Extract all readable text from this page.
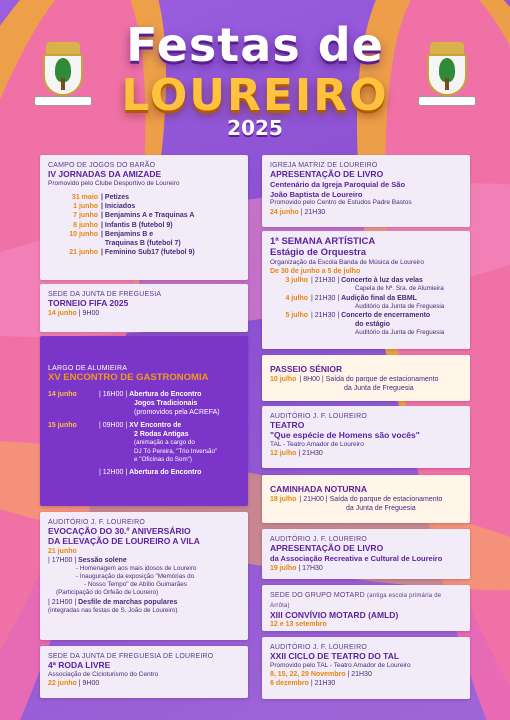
Festas de
LOUREIRO
2025
CAMPO DE JOGOS DO BARÃO
IV JORNADAS DA AMIZADE
Promovido pelo Clube Desportivo de Loureiro
31 maio | Petizes
1 junho | Iniciados
7 junho | Benjamins A e Traquinas A
8 junho | Infantis B (futebol 9)
10 junho | Benjamins B e
Traquinas B (futebol 7)
21 junho | Feminino Sub17 (futebol 9)
SEDE DA JUNTA DE FREGUESIA
TORNEIO FIFA 2025
14 junho | 9H00
LARGO DE ALUMIEIRA
XV ENCONTRO DE GASTRONOMIA
14 junho	| 16H00 | Abertura do Encontro
Jogos Tradicionais
(promovidos pela ACREFA)
15 junho	| 09H00 | XV Encontro de
2 Rodas Antigas
(animação a cargo do
DJ Tó Pereira, "Trio Inversão"
e "Oficinas do Som")
| 12H00 | Abertura do Encontro
AUDITÓRIO J. F. LOUREIRO
EVOCAÇÃO DO 30.º ANIVERSÁRIO
DA ELEVAÇÃO DE LOUREIRO A VILA
21 junho
| 17H00 | Sessão solene
- Homenagem aos mais idosos de Loureiro
- Inauguração da exposição "Memórias do
- Nosso Tempo" de Abílio Guimarães
(Participação do Orfeão de Loureiro)
| 21H00 | Desfile de marchas populares
(integradas nas festas de S. João de Loureiro)
SEDE DA JUNTA DE FREGUESIA DE LOUREIRO
4ª RODA LIVRE
Associação de Cicloturismo do Centro
22 junho | 9H00
IGREJA MATRIZ DE LOUREIRO
APRESENTAÇÃO DE LIVRO
Centenário da Igreja Paroquial de São
João Baptista de Loureiro
Promovido pelo Centro de Estudos Padre Bastos
24 junho | 21H30
1ª SEMANA ARTÍSTICA
Estágio de Orquestra
Organização da Escola Banda de Música de Loureiro
De 30 de junho a 5 de julho
3 julho | 21H30 | Concerto à luz das velas
Capela de Nª. Sra. de Alumieira
4 julho | 21H30 | Audição final da EBML
Auditório da Junta de Freguesia
5 julho | 21H30 | Concerto de encerramento
do estágio
Auditório da Junta de Freguesia
PASSEIO SÉNIOR
10 julho | 8H00 | Saída do parque de estacionamento
da Junta de Freguesia
AUDITÓRIO J. F. LOUREIRO
TEATRO
"Que espécie de Homens são vocês"
TAL - Teatro Amador de Loureiro
12 julho | 21H30
CAMINHADA NOTURNA
18 julho | 21H00 | Saída do parque de estacionamento
da Junta de Freguesia
AUDITÓRIO J. F. LOUREIRO
APRESENTAÇÃO DE LIVRO
da Associação Recreativa e Cultural de Loureiro
19 julho | 17H30
SEDE DO GRUPO MOTARD (antiga escola primária de Arrôta)
XIII CONVÍVIO MOTARD (AMLD)
12 e 13 setembro
AUDITÓRIO J. F. LOUREIRO
XXII CICLO DE TEATRO DO TAL
Promovido pelo TAL - Teatro Amador de Loureiro
8, 15, 22, 29 Novembro | 21H30
6 dezembro | 21H30
